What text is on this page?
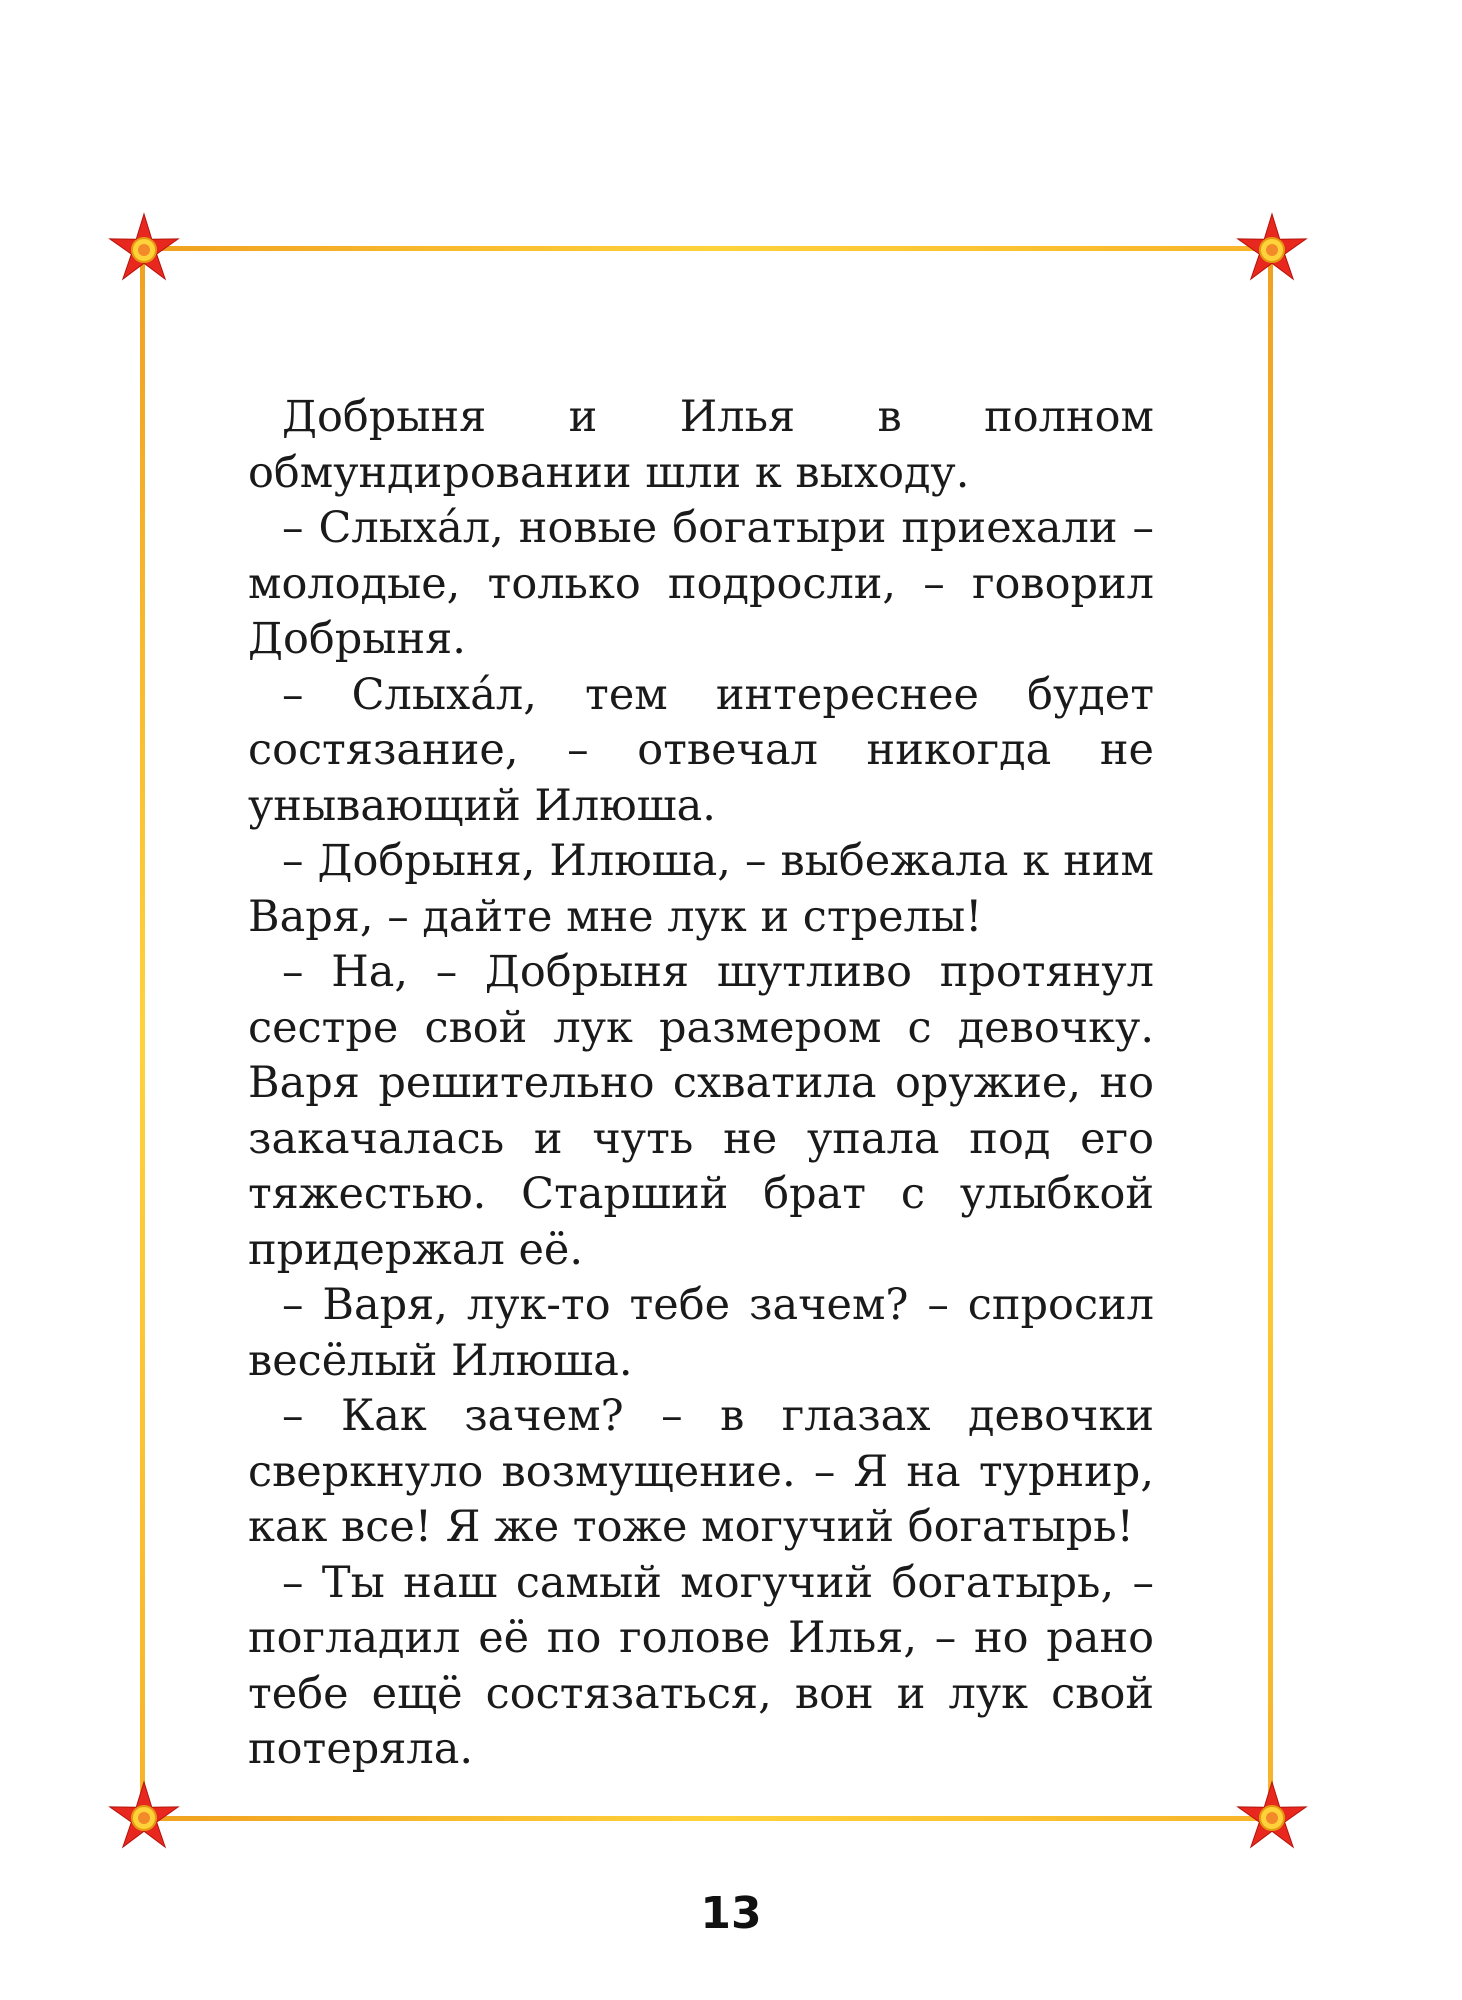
Добрыня и Илья в полном обмундировании шли к выходу.

– Слыха́л, новые богатыри приехали – молодые, только подросли, – говорил Добрыня.

– Слыха́л, тем интереснее будет состязание, – отвечал никогда не унывающий Илюша.

– Добрыня, Илюша, – выбежала к ним Варя, – дайте мне лук и стрелы!

– На, – Добрыня шутливо протянул сестре свой лук размером с девочку. Варя решительно схватила оружие, но закачалась и чуть не упала под его тяжестью. Старший брат с улыбкой придержал её.

– Варя, лук-то тебе зачем? – спросил весёлый Илюша.

– Как зачем? – в глазах девочки сверкнуло возмущение. – Я на турнир, как все! Я же тоже могучий богатырь!

– Ты наш самый могучий богатырь, – погладил её по голове Илья, – но рано тебе ещё состязаться, вон и лук свой потеряла.

13
